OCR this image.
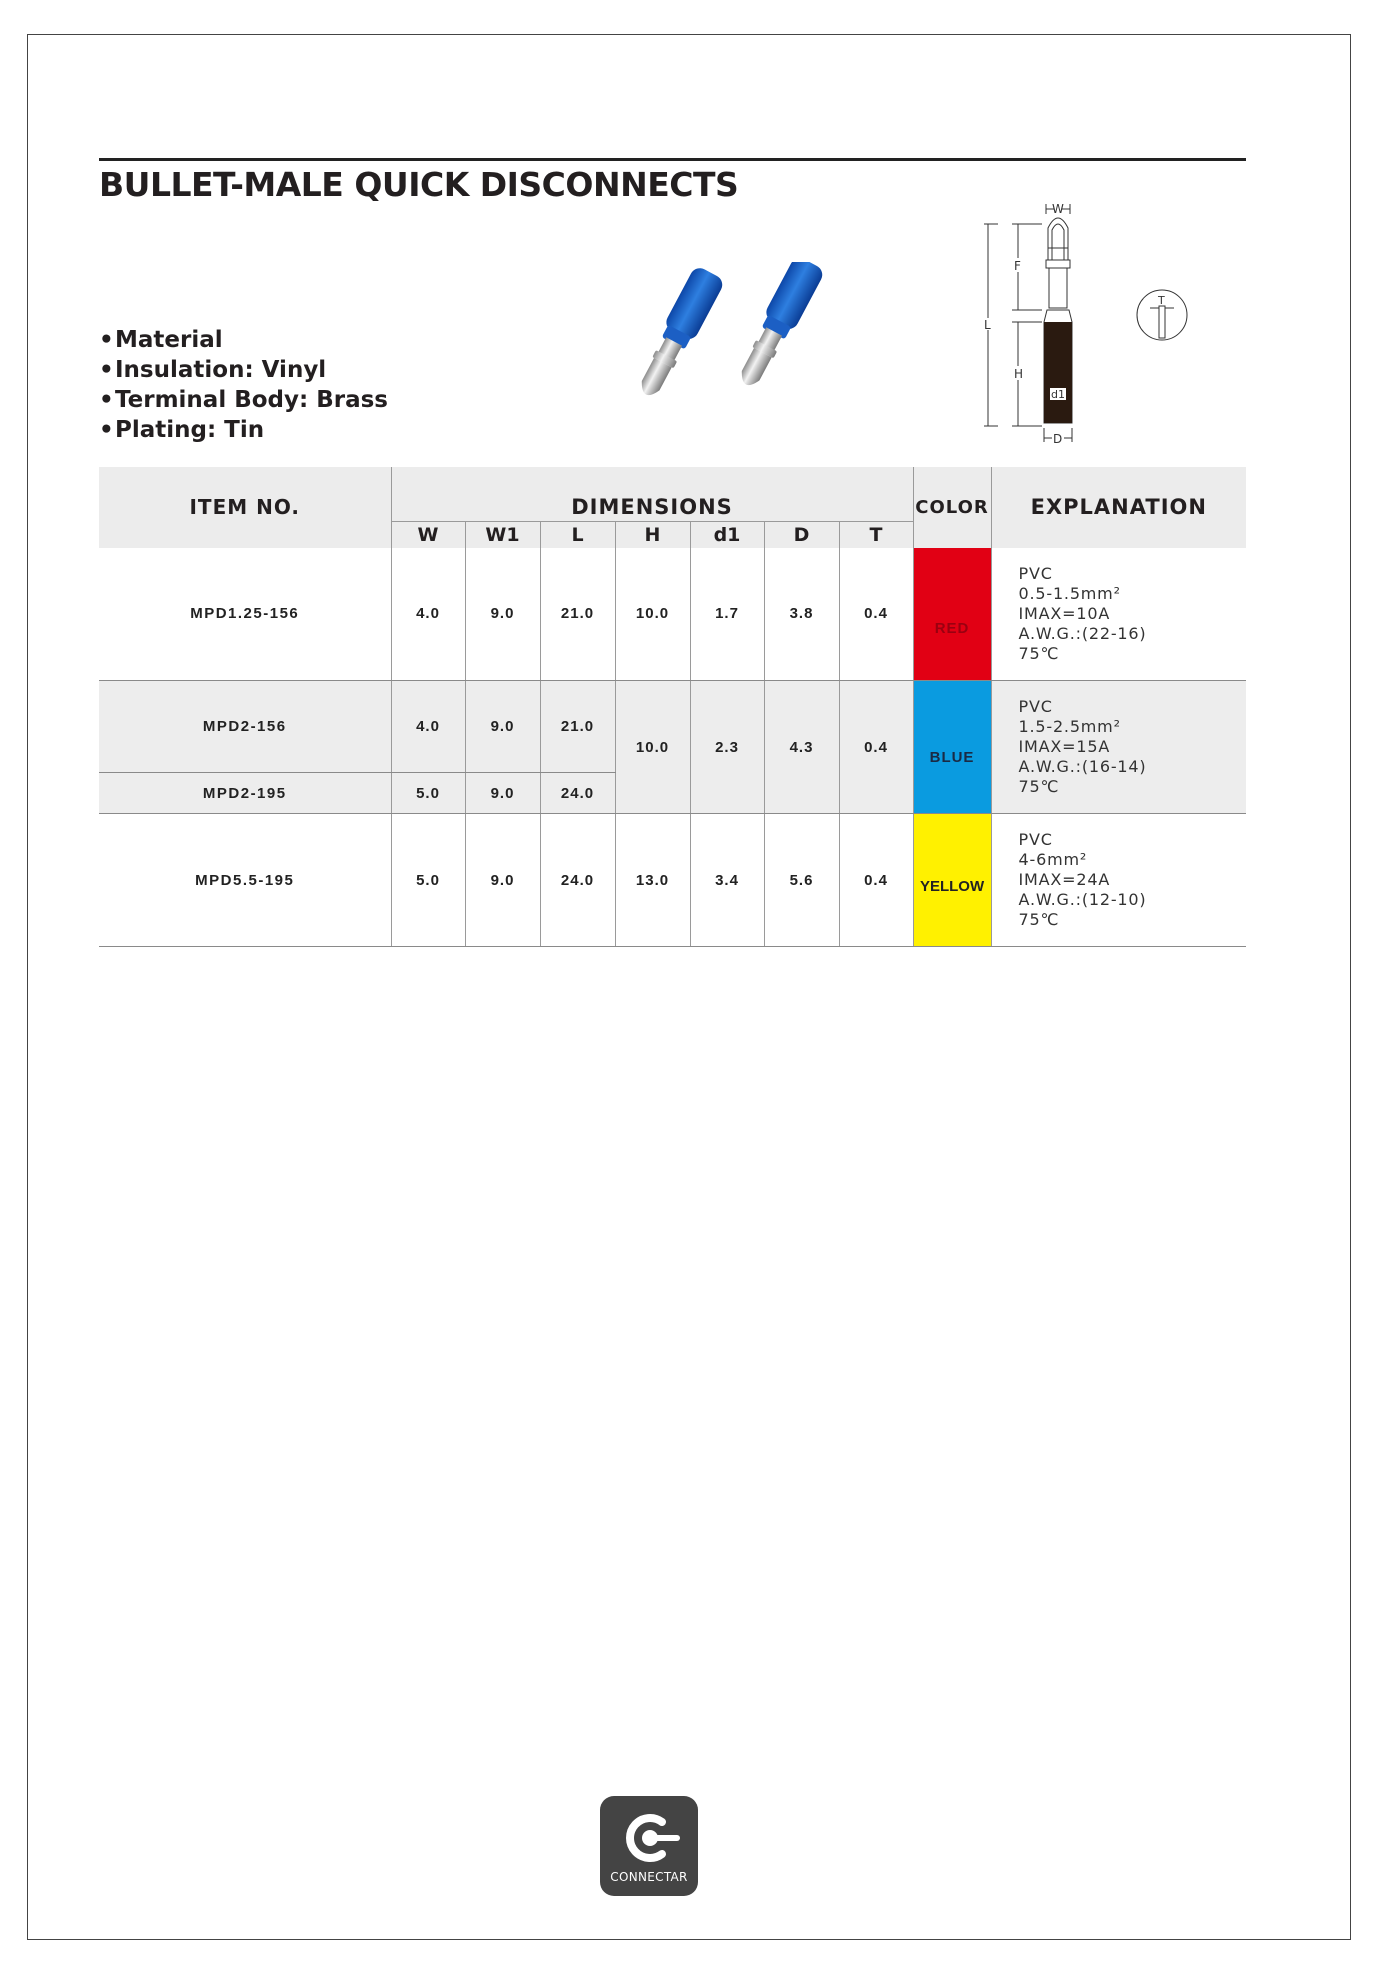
BULLET-MALE QUICK DISCONNECTS
•Material
•Insulation: Vinyl
•Terminal Body: Brass
•Plating: Tin
W
F
L
H
d1
D
T
ITEM NO.	DIMENSIONS							COLOR	EXPLANATION
	W	W1	L	H	d1	D	T		
MPD1.25-156	4.0	9.0	21.0	10.0	1.7	3.8	0.4	RED	PVC
0.5-1.5mm²
IMAX=10A
A.W.G.:(22-16)
75℃

MPD2-156	4.0	9.0	21.0	10.0	2.3	4.3	0.4	BLUE	PVC
1.5-2.5mm²
IMAX=15A
A.W.G.:(16-14)
75℃

MPD2-195	5.0	9.0	24.0						
MPD5.5-195	5.0	9.0	24.0	13.0	3.4	5.6	0.4	YELLOW	PVC
4-6mm²
IMAX=24A
A.W.G.:(12-10)
75℃
CONNECTAR
